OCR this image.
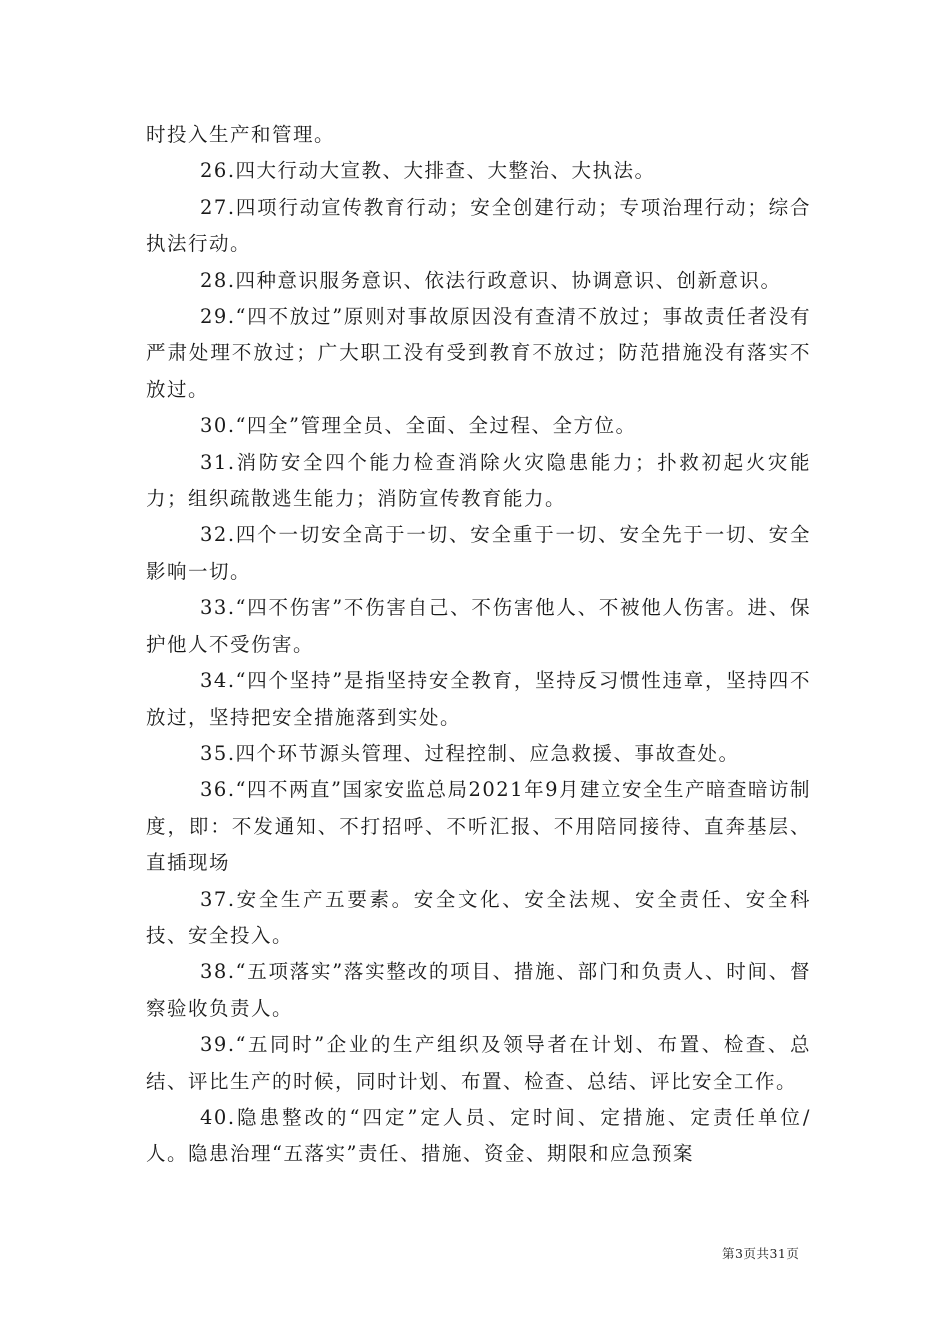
时投入生产和管理。

26.四大行动大宣教、大排查、大整治、大执法。

27.四项行动宣传教育行动；安全创建行动；专项治理行动；综合执法行动。

28.四种意识服务意识、依法行政意识、协调意识、创新意识。

29.“四不放过”原则对事故原因没有查清不放过；事故责任者没有严肃处理不放过；广大职工没有受到教育不放过；防范措施没有落实不放过。

30.“四全”管理全员、全面、全过程、全方位。

31.消防安全四个能力检查消除火灾隐患能力；扑救初起火灾能力；组织疏散逃生能力；消防宣传教育能力。

32.四个一切安全高于一切、安全重于一切、安全先于一切、安全影响一切。

33.“四不伤害”不伤害自己、不伤害他人、不被他人伤害。进、保护他人不受伤害。

34.“四个坚持”是指坚持安全教育，坚持反习惯性违章，坚持四不放过，坚持把安全措施落到实处。

35.四个环节源头管理、过程控制、应急救援、事故查处。

36.“四不两直”国家安监总局2021年9月建立安全生产暗查暗访制度，即：不发通知、不打招呼、不听汇报、不用陪同接待、直奔基层、直插现场

37.安全生产五要素。安全文化、安全法规、安全责任、安全科技、安全投入。

38.“五项落实”落实整改的项目、措施、部门和负责人、时间、督察验收负责人。

39.“五同时”企业的生产组织及领导者在计划、布置、检查、总结、评比生产的时候，同时计划、布置、检查、总结、评比安全工作。

40.隐患整改的“四定”定人员、定时间、定措施、定责任单位/人。隐患治理“五落实”责任、措施、资金、期限和应急预案

第3页共31页
